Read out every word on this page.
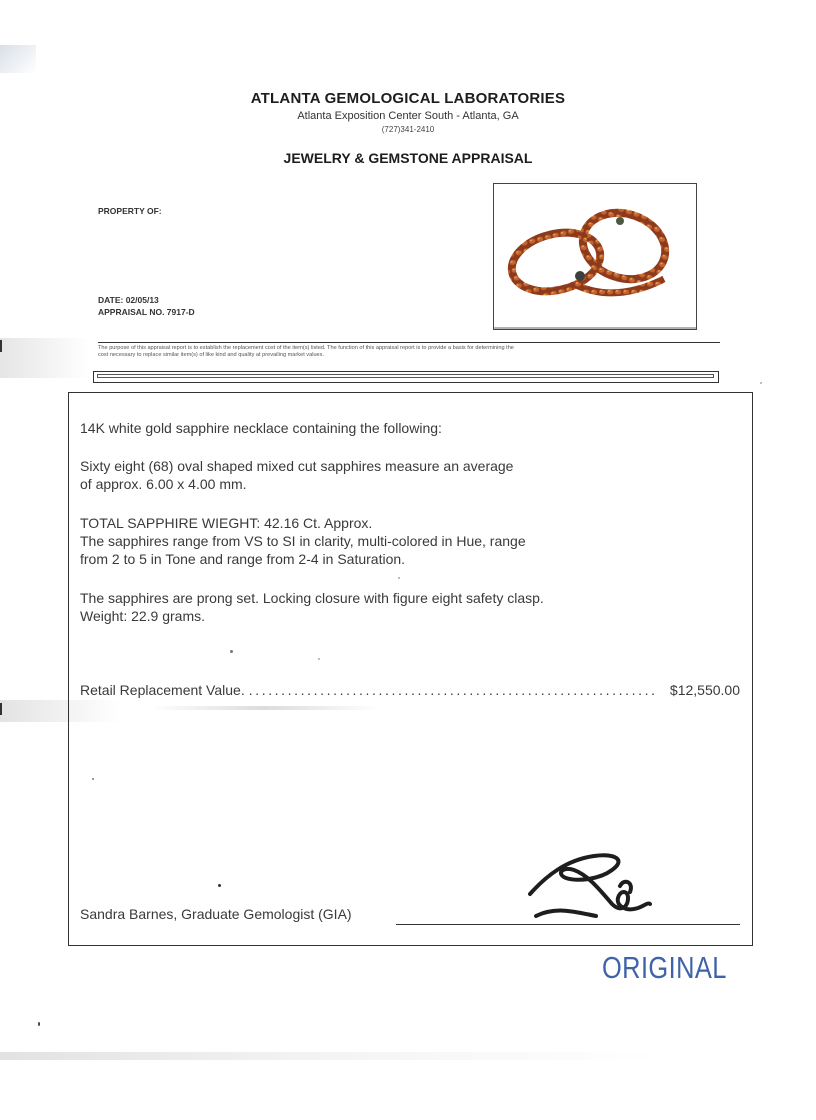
ATLANTA GEMOLOGICAL LABORATORIES
Atlanta Exposition Center South - Atlanta, GA
(727)341-2410
JEWELRY & GEMSTONE APPRAISAL
PROPERTY OF:
DATE: 02/05/13
APPRAISAL NO. 7917-D
The purpose of this appraisal report is to establish the replacement cost of the item(s) listed. The function of this appraisal report is to provide a basis for determining the
cost necessary to replace similar item(s) of like kind and quality at prevailing market values.
14K white gold sapphire necklace containing the following:
Sixty eight (68) oval shaped mixed cut sapphires measure an average
of approx. 6.00 x 4.00 mm.
TOTAL SAPPHIRE WIEGHT: 42.16 Ct. Approx.
The sapphires range from VS to SI in clarity, multi-colored in Hue, range
from 2 to 5 in Tone and range from 2-4 in Saturation.
The sapphires are prong set. Locking closure with figure eight safety clasp.
Weight: 22.9 grams.
Retail Replacement Value. ............................................................... $12,550.00
Sandra Barnes, Graduate Gemologist (GIA)
ORIGINAL
